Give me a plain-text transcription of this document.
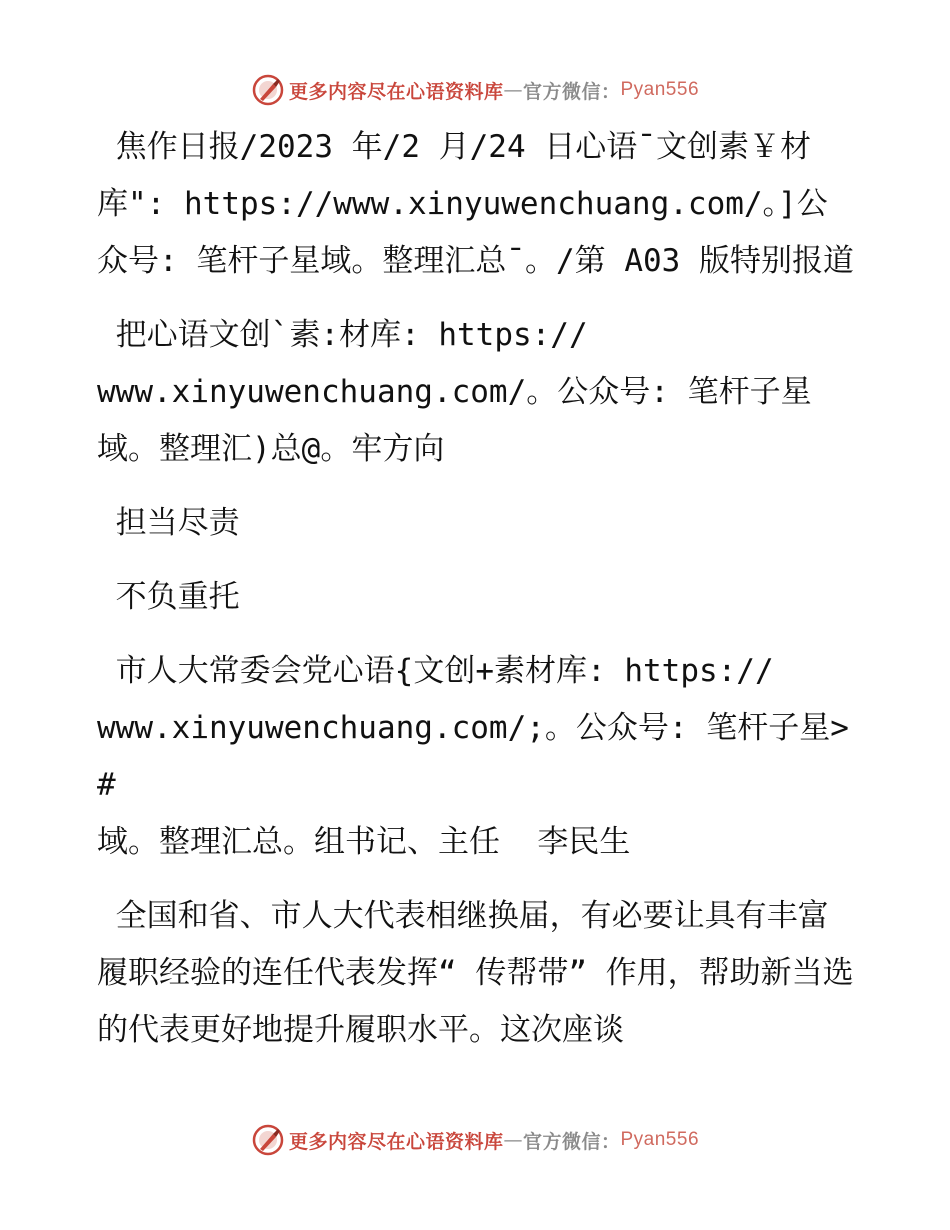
更多内容尽在心语资料库 — 官方微信： Pyan556

焦作日报/2023 年/2 月/24 日心语¯文创素￥材库": https://www.xinyuwenchuang.com/。]公众号: 笔杆子星域。整理汇总¯。/第 A03 版特别报道

把心语文创`素:材库: https://
www.xinyuwenchuang.com/。公众号: 笔杆子星
域。整理汇)总@。牢方向

担当尽责

不负重托

市人大常委会党心语{文创+素材库: https://
www.xinyuwenchuang.com/;。公众号: 笔杆子星>#
域。整理汇总。组书记、主任  李民生

全国和省、市人大代表相继换届，有必要让具有丰富履职经验的连任代表发挥“ 传帮带” 作用，帮助新当选的代表更好地提升履职水平。这次座谈

更多内容尽在心语资料库 — 官方微信： Pyan556
